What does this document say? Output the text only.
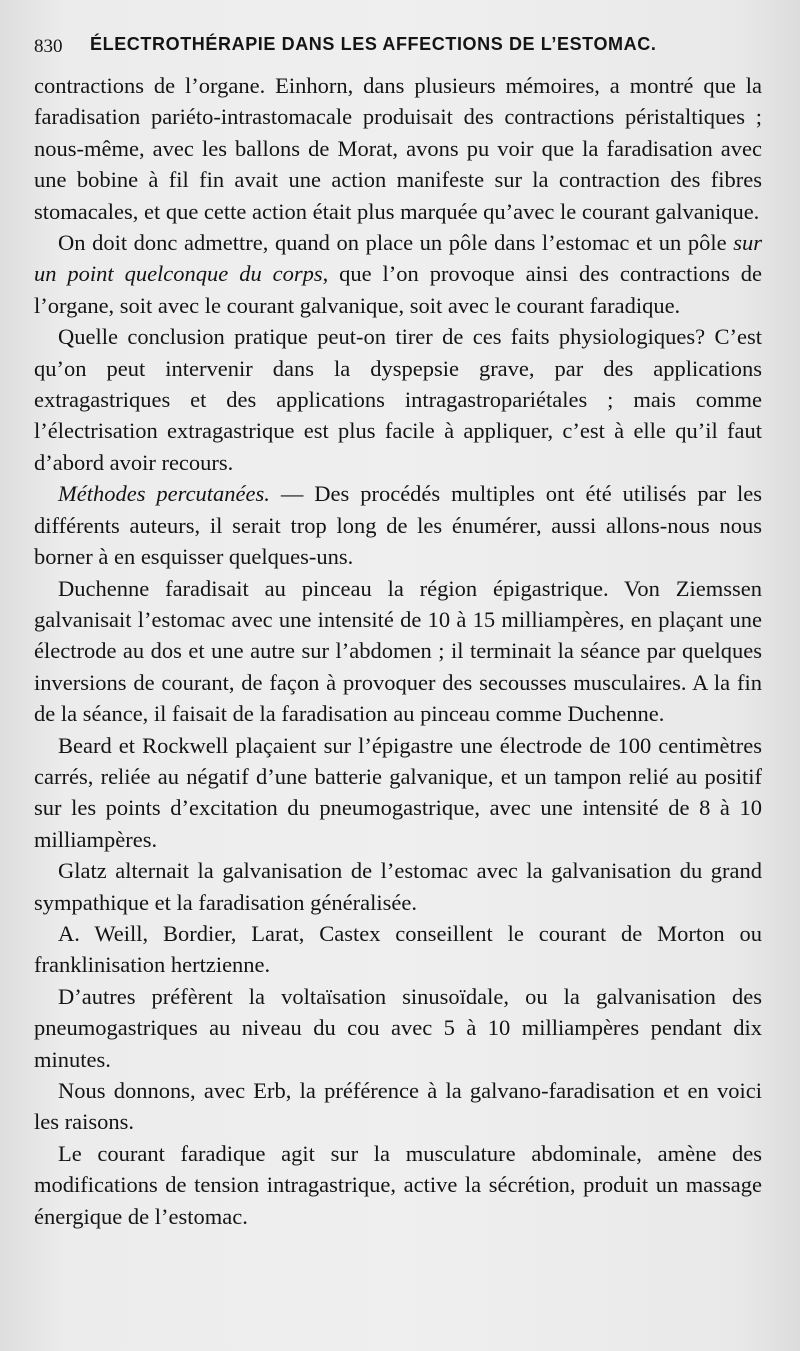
830 ÉLECTROTHÉRAPIE DANS LES AFFECTIONS DE L’ESTOMAC.

contractions de l’organe. Einhorn, dans plusieurs mémoires, a montré que la faradisation pariéto-intrastomacale produisait des contractions péristaltiques ; nous-même, avec les ballons de Morat, avons pu voir que la faradisation avec une bobine à fil fin avait une action manifeste sur la contraction des fibres stomacales, et que cette action était plus marquée qu’avec le courant galvanique.

On doit donc admettre, quand on place un pôle dans l’estomac et un pôle sur un point quelconque du corps, que l’on provoque ainsi des contractions de l’organe, soit avec le courant galvanique, soit avec le courant faradique.

Quelle conclusion pratique peut-on tirer de ces faits physiologiques? C’est qu’on peut intervenir dans la dyspepsie grave, par des applications extragastriques et des applications intragastropariétales ; mais comme l’électrisation extragastrique est plus facile à appliquer, c’est à elle qu’il faut d’abord avoir recours.

Méthodes percutanées. — Des procédés multiples ont été utilisés par les différents auteurs, il serait trop long de les énumérer, aussi allons-nous nous borner à en esquisser quelques-uns.

Duchenne faradisait au pinceau la région épigastrique. Von Ziemssen galvanisait l’estomac avec une intensité de 10 à 15 milliampères, en plaçant une électrode au dos et une autre sur l’abdomen ; il terminait la séance par quelques inversions de courant, de façon à provoquer des secousses musculaires. A la fin de la séance, il faisait de la faradisation au pinceau comme Duchenne.

Beard et Rockwell plaçaient sur l’épigastre une électrode de 100 centimètres carrés, reliée au négatif d’une batterie galvanique, et un tampon relié au positif sur les points d’excitation du pneumogastrique, avec une intensité de 8 à 10 milliampères.

Glatz alternait la galvanisation de l’estomac avec la galvanisation du grand sympathique et la faradisation généralisée.

A. Weill, Bordier, Larat, Castex conseillent le courant de Morton ou franklinisation hertzienne.

D’autres préfèrent la voltaïsation sinusoïdale, ou la galvanisation des pneumogastriques au niveau du cou avec 5 à 10 milliampères pendant dix minutes.

Nous donnons, avec Erb, la préférence à la galvano-faradisation et en voici les raisons.

Le courant faradique agit sur la musculature abdominale, amène des modifications de tension intragastrique, active la sécrétion, produit un massage énergique de l’estomac.
